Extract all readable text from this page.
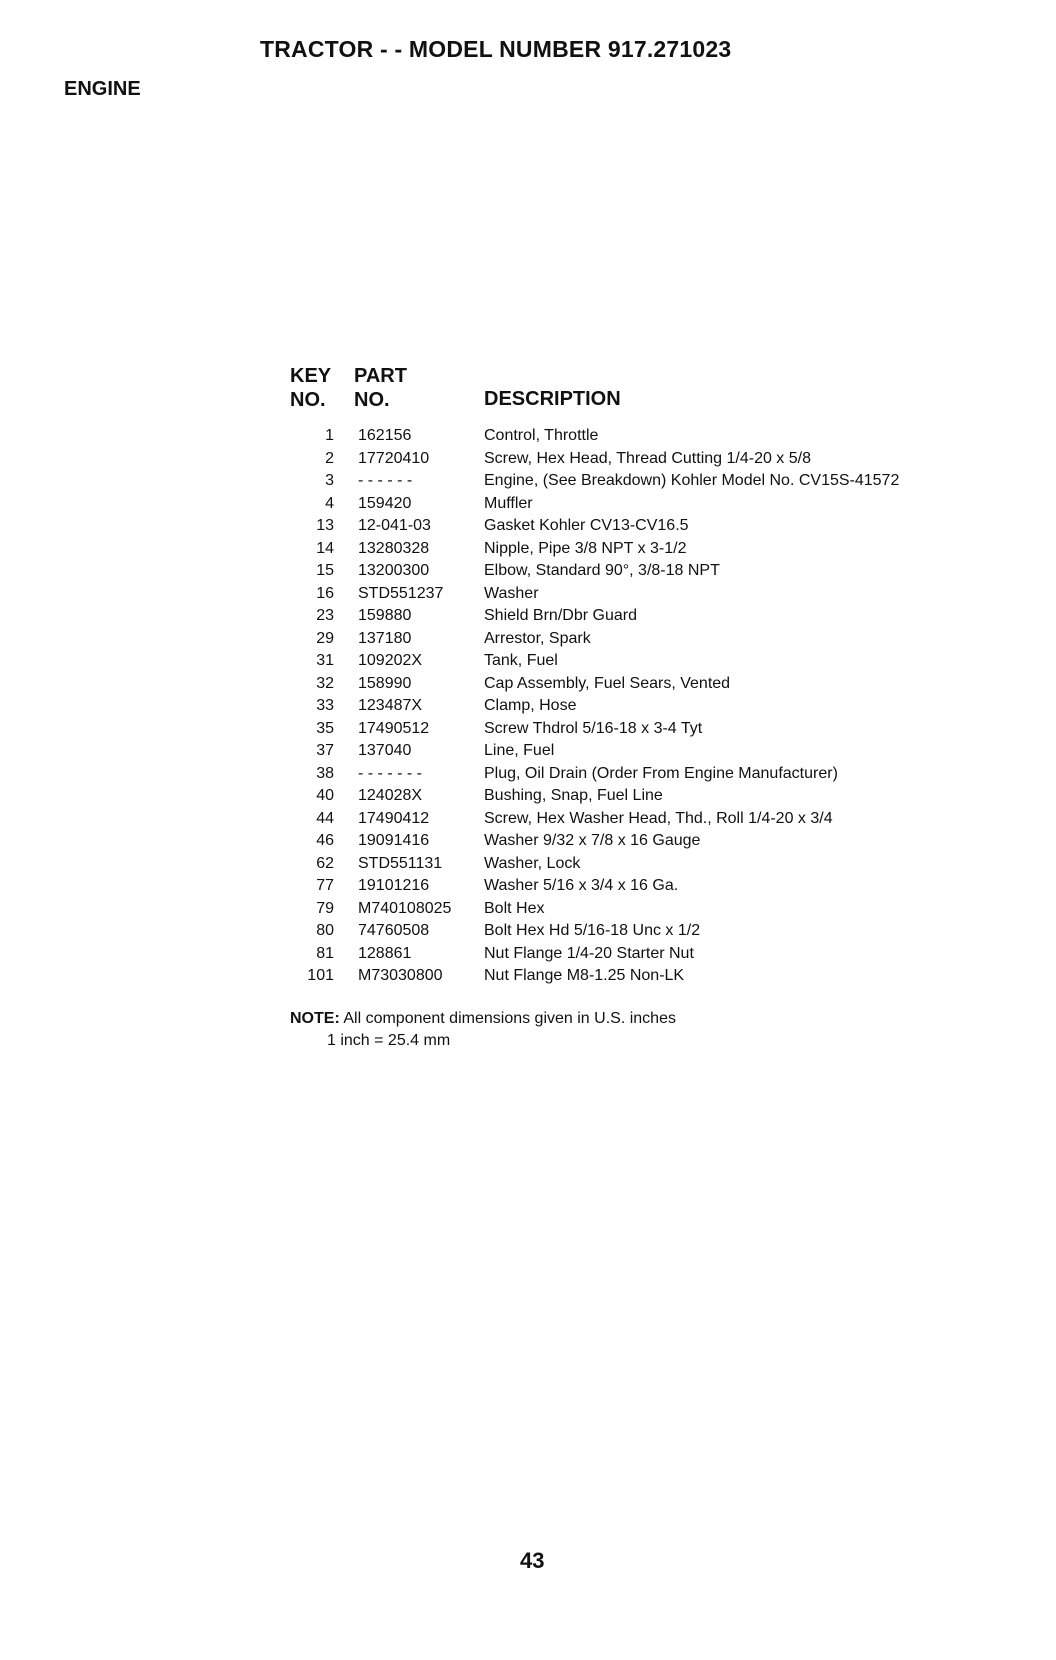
TRACTOR - - MODEL NUMBER 917.271023
ENGINE
KEY
NO.
PART
NO.	DESCRIPTION
1 162156	Control, Throttle
2 17720410	Screw, Hex Head, Thread Cutting 1/4-20 x 5/8
3 - - - - - -	Engine, (See Breakdown) Kohler Model No. CV15S-41572
4 159420	Muffler
13 12-041-03	Gasket Kohler CV13-CV16.5
14 13280328	Nipple, Pipe 3/8 NPT x 3-1/2
15 13200300	Elbow, Standard 90°, 3/8-18 NPT
16 STD551237	Washer
23 159880	Shield Brn/Dbr Guard
29 137180	Arrestor, Spark
31 109202X	Tank, Fuel
32 158990	Cap Assembly, Fuel Sears, Vented
33 123487X	Clamp, Hose
35 17490512	Screw Thdrol 5/16-18 x 3-4 Tyt
37 137040	Line, Fuel
38 - - - - - - -	Plug, Oil Drain (Order From Engine Manufacturer)
40 124028X	Bushing, Snap, Fuel Line
44 17490412	Screw, Hex Washer Head, Thd., Roll 1/4-20 x 3/4
46 19091416	Washer 9/32 x 7/8 x 16 Gauge
62 STD551131	Washer, Lock
77 19101216	Washer 5/16 x 3/4 x 16 Ga.
79 M740108025 Bolt Hex
80 74760508	Bolt Hex Hd 5/16-18 Unc x 1/2
81 128861	Nut Flange 1/4-20 Starter Nut
101 M73030800	Nut Flange M8-1.25 Non-LK
NOTE: All component dimensions given in U.S. inches
1 inch = 25.4 mm
43
